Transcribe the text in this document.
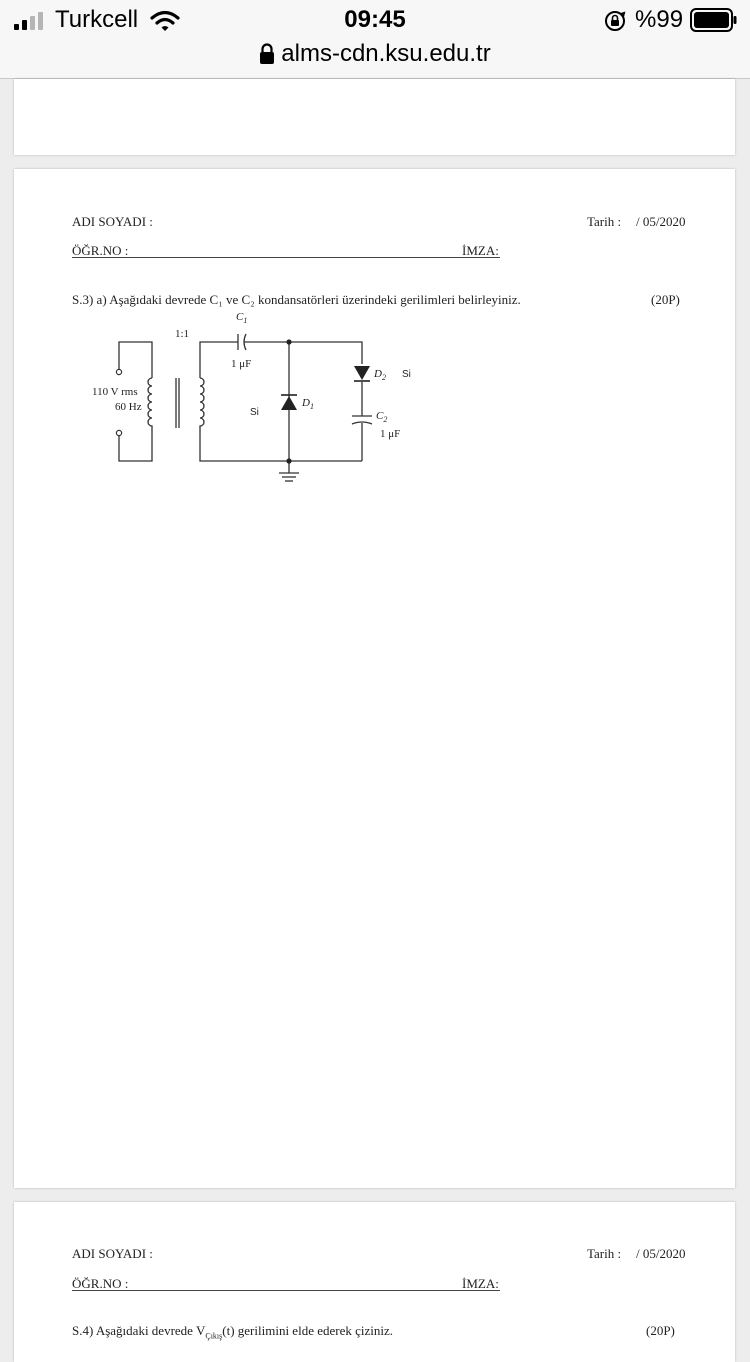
Turkcell	09:45	%99
alms-cdn.ksu.edu.tr
ADI SOYADI :	Tarih : / 05/2020
ÖĞR.NO :	İMZA:
S.3) a) Aşağıdaki devrede C₁ ve C₂ kondansatörleri üzerindeki gerilimleri belirleyiniz.	(20P)
1:1
110 V rms
60 Hz
$C_1$
1 μF
$D_1$
Si
$D_2$ Si
$C_2$
1 μF
ADI SOYADI :	Tarih : / 05/2020
ÖĞR.NO :	İMZA:
S.4) Aşağıdaki devrede $V_{Çıkış}(t)$ gerilimini elde ederek çiziniz.	(20P)
